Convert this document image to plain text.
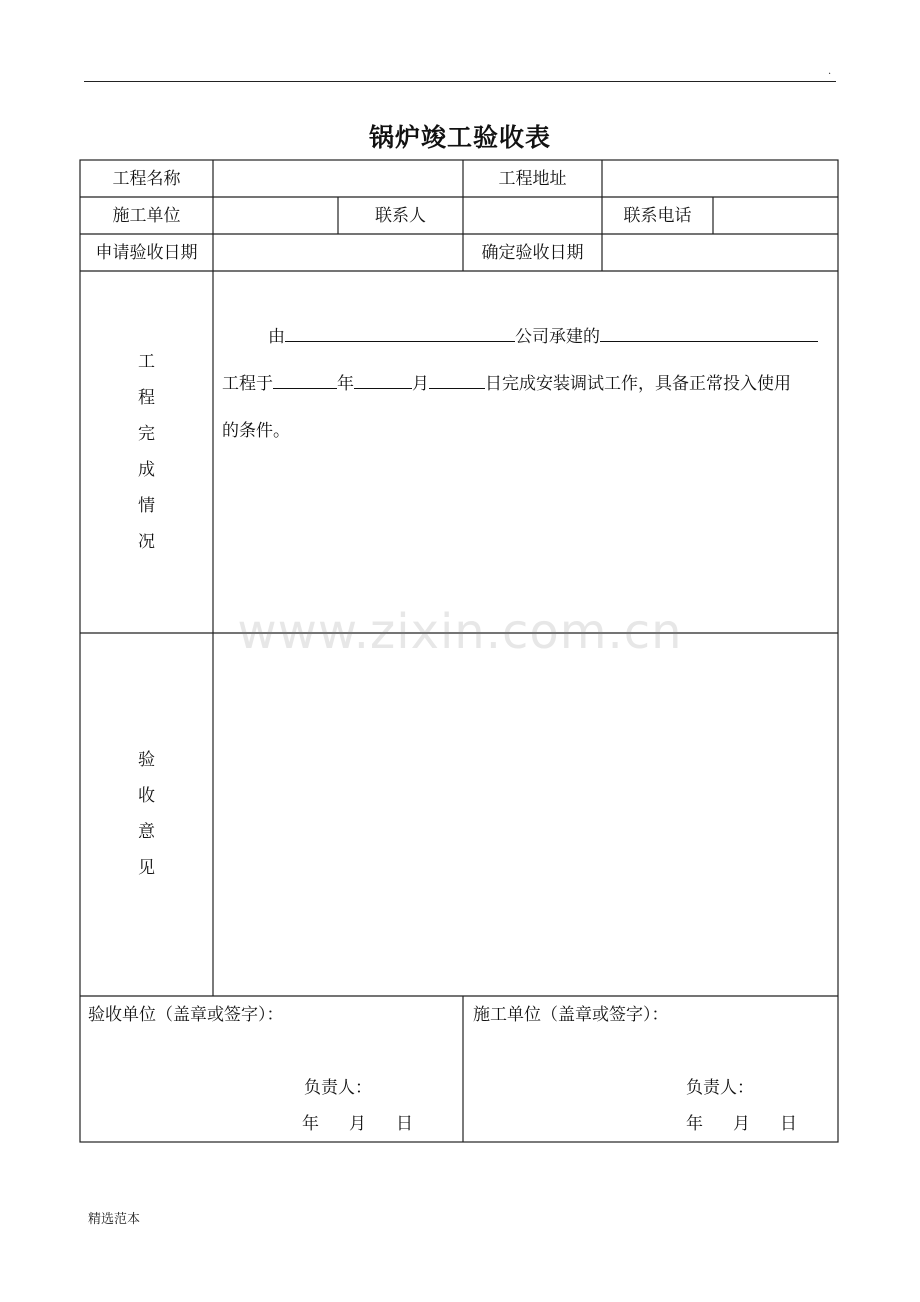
.
锅炉竣工验收表
工程名称	工程地址
施工单位	联系人	联系电话
申请验收日期	确定验收日期
工
程
完
成
情
况
由	公司承建的
工程于	年	月	日完成安装调试工作，具备正常投入使用
的条件。
www.zixin.com.cn
验
收
意
见
验收单位（盖章或签字）：
负责人：
年 月 日
施工单位（盖章或签字）：
负责人：
年 月 日
精选范本
